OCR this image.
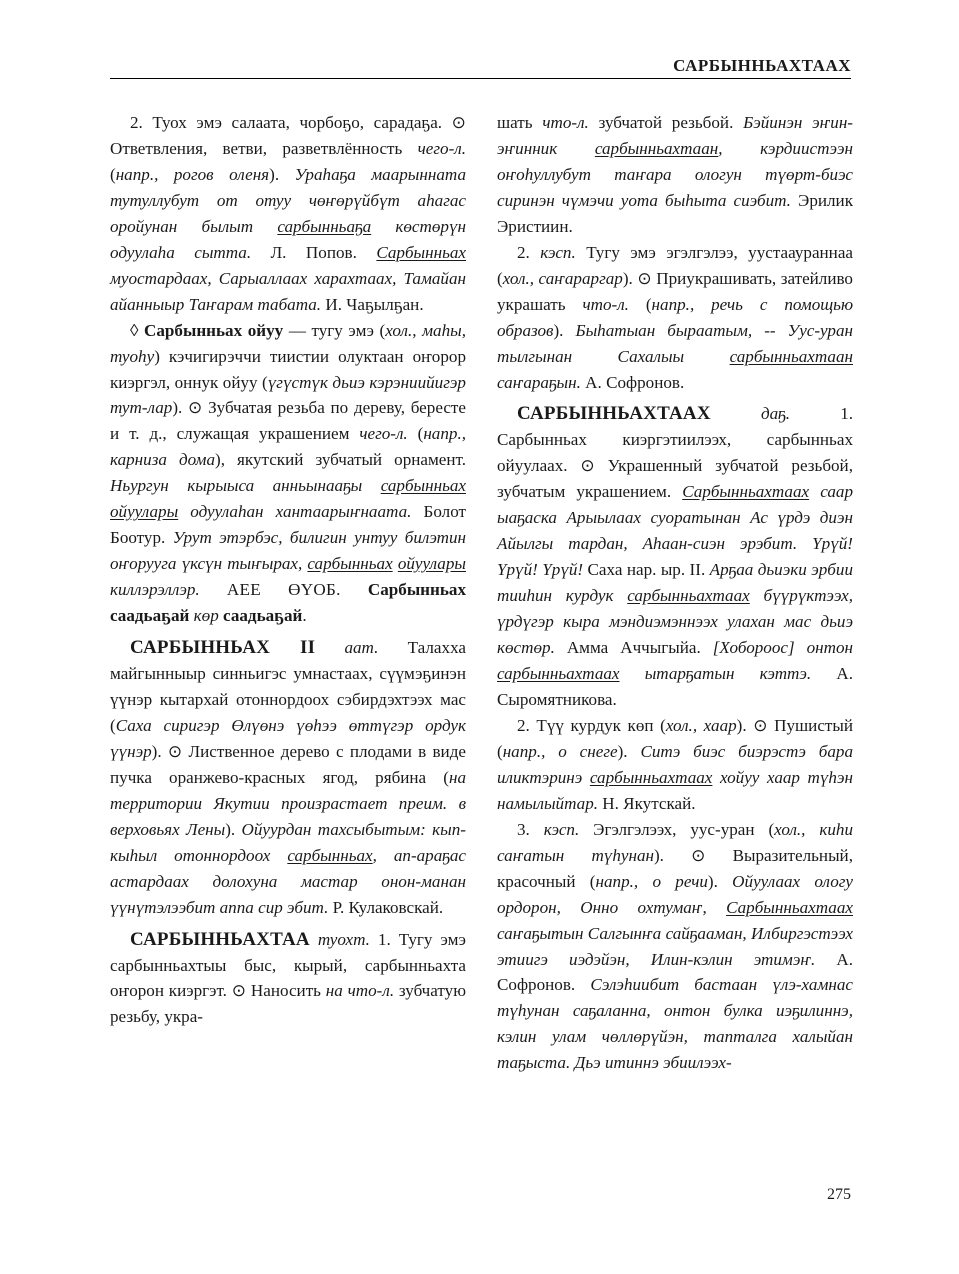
САРБЫННЬАХТААХ

2. Туох эмэ салаата, чорбоҕо, сарадаҕа. ⊙ Ответвления, ветви, разветвлённость чего-л. (напр., рогов оленя). Ураһаҕа маарынната тутуллубут от отуу чөҥөрүйбүт аһагас оройунан былыт сарбынньаҕа көстөрүн одуулаһа сытта. Л. Попов. Сарбынньах муостардаах, Сарыаллаах харахтаах, Тамайан айанныыр Таҥарам табата. И. Чаҕылҕан.

◊ Сарбынньах ойуу — тугу эмэ (хол., маһы, туоһу) кэчигирэччи тиистии олуктаан оҥорор киэргэл, оннук ойуу (үгүстүк дьиэ кэрэниийигэр тут-лар). ⊙ Зубчатая резьба по дереву, бересте и т. д., служащая украшением чего-л. (напр., карниза дома), якутский зубчатый орнамент. Ньургун кырыыса анньынааҕы сарбынньах ойуулары одуулаһан хантаарыҥнаата. Болот Боотур. Урут этэрбэс, билигин унтуу билэтин оҥоруугa үксүн тыҥырах, сарбынньах ойуулары киллэрэллэр. АЕЕ ӨҮОБ. Сарбынньах саадьаҕай көр саадьаҕай.

САРБЫННЬАХ II аат. Талахха майгынныыр синньигэс умнастаах, сүүмэҕинэн үүнэр кытархай отоннордоох сэбирдэхтээх мас (Саха сиригэр Өлүөнэ үөһээ өттүгэр ордук үүнэр). ⊙ Лиственное дерево с плодами в виде пучка оранжево-красных ягод, рябина (на территории Якутии произрастает преим. в верховьях Лены). Ойуурдан тахсыбытым: кып-кыһыл отоннордоох сарбынньах, ап-араҕас астардаах долохуна мастар онон-манан үүнүтэлээбит аппа сир эбит. Р. Кулаковскай.

САРБЫННЬАХТАА туохт. 1. Тугу эмэ сарбынньахтыы быс, кырый, сарбынньахта оҥорон киэргэт. ⊙ Наносить на что-л. зубчатую резьбу, укра-

шать что-л. зубчатой резьбой. Бэйинэн эҥин-эҥинник сарбынньахтаан, кэрдиистээн оҥоһуллубут таҥара ологун түөрт-биэс сиринэн чүмэчи уота быһыта сиэбит. Эрилик Эристиин.

2. кэсп. Тугу эмэ эгэлгэлээ, уустааураннаа (хол., саҥараргар). ⊙ Приукрашивать, затейливо украшать что-л. (напр., речь с помощью образов). Быһатыан быраатым, -- Уус-уран тылгынан Сахалыы сарбынньахтаан саҥараҕын. А. Софронов.

САРБЫННЬАХТААХ даҕ. 1. Сарбынньах киэргэтиилээх, сарбынньах ойуулаах. ⊙ Украшенный зубчатой резьбой, зубчатым украшением. Сарбынньахтаах саар ыаҕаска Арыылаах суоратынан Ас үрдэ диэн Айылгы тардан, Аһаан-сиэн эрэбит. Үрүй! Үрүй! Үрүй! Саха нар. ыр. II. Арҕаа дьиэки эрбии тииһин курдук сарбынньахтаах бүүрүктээх, үрдүгэр кыра мэндиэмэннээх улахан мас дьиэ көстөр. Амма Аччыгыйа. [Хобороос] онтон сарбынньахтаах ытарҕатын кэттэ. А. Сыромятникова.

2. Түү курдук көп (хол., хаар). ⊙ Пушистый (напр., о снеге). Ситэ биэс биэрэстэ бара иликтэринэ сарбынньахтаах хойуу хаар түһэн намылыйтар. Н. Якутскай.

3. кэсп. Эгэлгэлээх, уус-уран (хол., киһи саҥатын түһунан). ⊙ Выразительный, красочный (напр., о речи). Ойуулаах ологу ордорон, Онно охтумаҥ, Сарбынньахтаах саҥаҕытын Салгынҥа сайҕааман, Илбиргэстээх этиигэ иэдэйэн, Илин-кэлин этимэҥ. А. Софронов. Сэлэһиибит бастаан үлэ-хамнас түһунан саҕаланна, онтон булка иэҕилиннэ, кэлин улам чөллөрүйэн, тапталга халыйан таҕыста. Дьэ итиннэ эбиилээх-

275
